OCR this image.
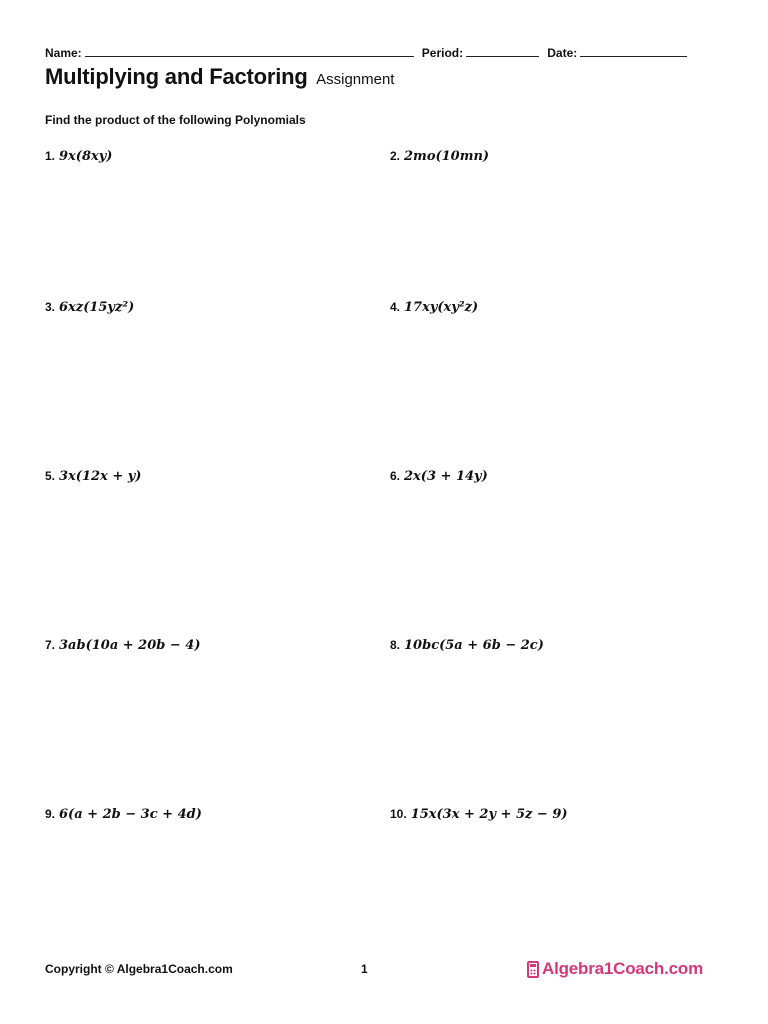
Name:	Period:	Date:
Multiplying and Factoring Assignment
Find the product of the following Polynomials
1. 9x(8xy)	2. 2mo(10mn)
3. 6xz(15yz²)	4. 17xy(xy²z)
5. 3x(12x + y)	6. 2x(3 + 14y)
7. 3ab(10a + 20b − 4)	8. 10bc(5a + 6b − 2c)
9. 6(a + 2b − 3c + 4d)	10. 15x(3x + 2y + 5z − 9)
Copyright © Algebra1Coach.com	1	Algebra1Coach.com
